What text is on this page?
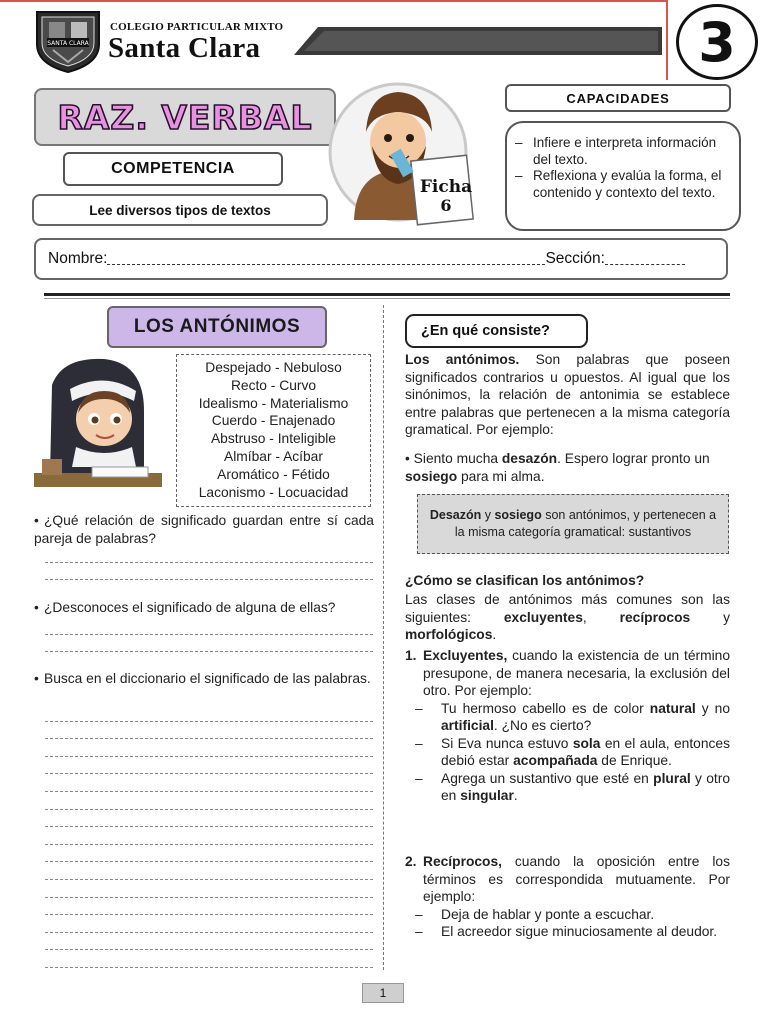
SANTA CLARA
COLEGIO PARTICULAR MIXTO
Santa Clara	3
RAZ. VERBAL
COMPETENCIA
Lee diversos tipos de textos
Ficha
6
CAPACIDADES
– Infiere e interpreta información del texto.
– Reflexiona y evalúa la forma, el contenido y contexto del texto.
Nombre:	Sección:
LOS ANTÓNIMOS
Despejado - Nebuloso
Recto - Curvo
Idealismo - Materialismo
Cuerdo - Enajenado
Abstruso - Inteligible
Almíbar - Acíbar
Aromático - Fétido
Laconismo - Locuacidad
• ¿Qué relación de significado guardan entre sí cada pareja de palabras?
• ¿Desconoces el significado de alguna de ellas?
• Busca en el diccionario el significado de las palabras.
¿En qué consiste?
Los antónimos. Son palabras que poseen significados contrarios u opuestos. Al igual que los sinónimos, la relación de antonimia se establece entre palabras que pertenecen a la misma categoría gramatical. Por ejemplo:
• Siento mucha desazón. Espero lograr pronto un sosiego para mi alma.
Desazón y sosiego son antónimos, y pertenecen a la misma categoría gramatical: sustantivos
¿Cómo se clasifican los antónimos?
Las clases de antónimos más comunes son las siguientes: excluyentes, recíprocos y morfológicos.
1. Excluyentes, cuando la existencia de un término presupone, de manera necesaria, la exclusión del otro. Por ejemplo:
–	Tu hermoso cabello es de color natural y no artificial. ¿No es cierto?
–	Si Eva nunca estuvo sola en el aula, entonces debió estar acompañada de Enrique.
–	Agrega un sustantivo que esté en plural y otro en singular.
2. Recíprocos, cuando la oposición entre los términos es correspondida mutuamente. Por ejemplo:
–	Deja de hablar y ponte a escuchar.
–	El acreedor sigue minuciosamente al deudor.
1
